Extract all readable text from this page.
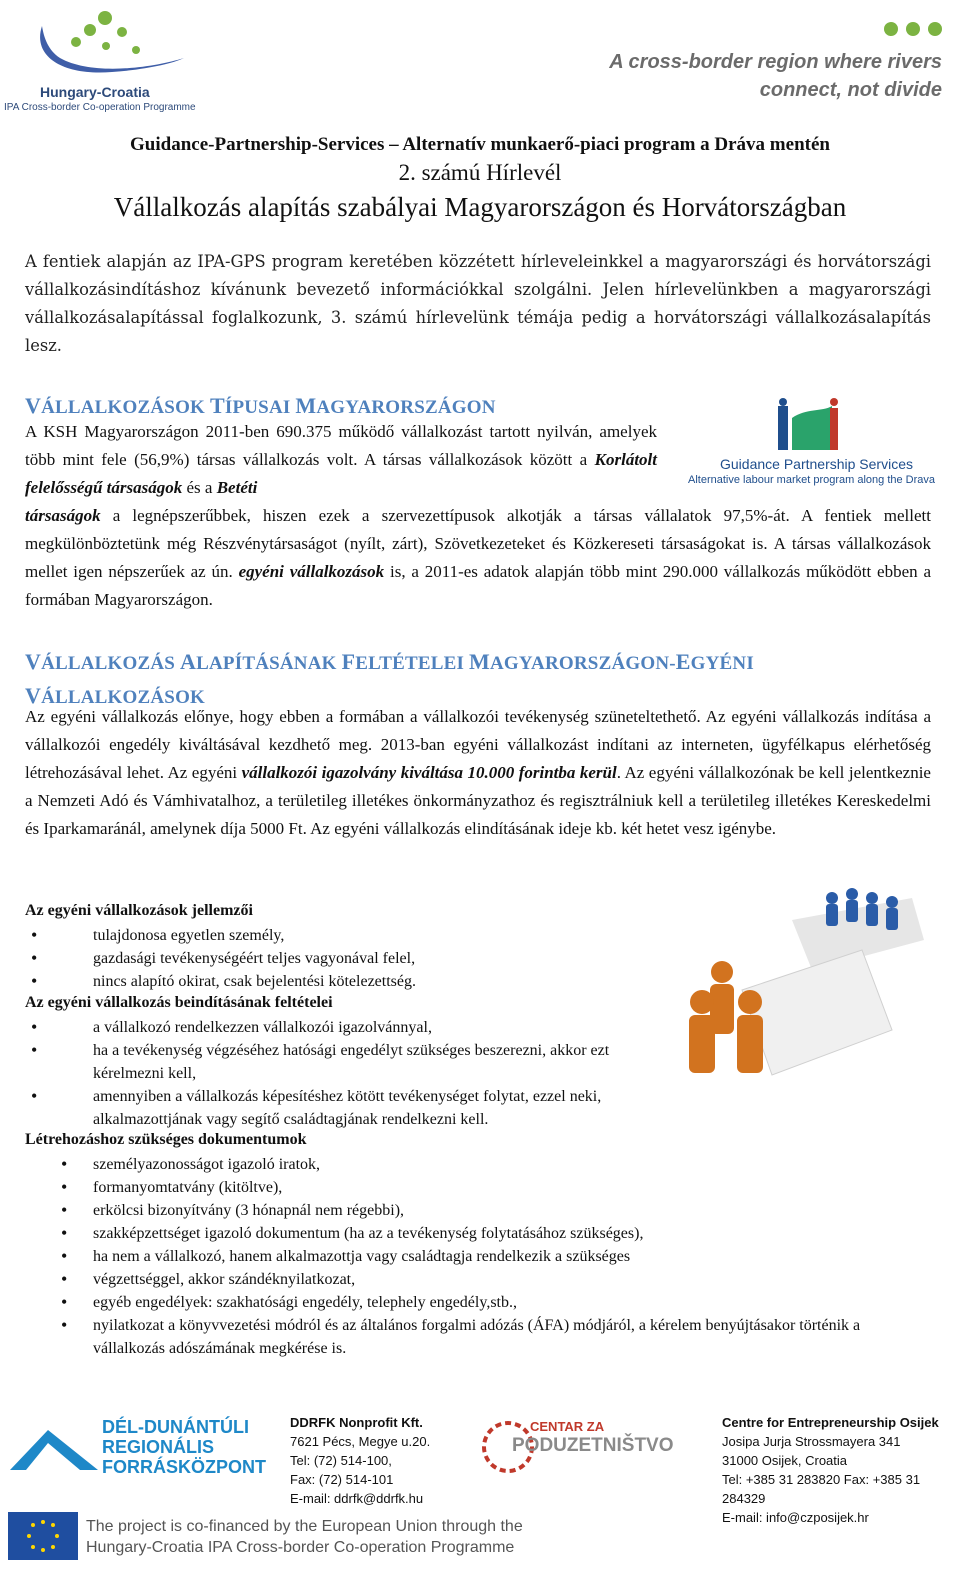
Hungary-Croatia
IPA Cross-border Co-operation Programme
A cross-border region where rivers
connect, not divide
Guidance-Partnership-Services – Alternatív munkaerő-piaci program a Dráva mentén
2. számú Hírlevél
Vállalkozás alapítás szabályai Magyarországon és Horvátországban

A fentiek alapján az IPA-GPS program keretében közzétett hírleveleinkkel a magyarországi és horvátországi vállalkozásindításhoz kívánunk bevezető információkkal szolgálni. Jelen hírlevelünkben a magyarországi vállalkozásalapítással foglalkozunk, 3. számú hírlevelünk témája pedig a horvátországi vállalkozásalapítás lesz.

VÁLLALKOZÁSOK TÍPUSAI MAGYARORSZÁGON

A KSH Magyarországon 2011-ben 690.375 működő vállalkozást tartott nyilván, amelyek több mint fele (56,9%) társas vállalkozás volt. A társas vállalkozások között a Korlátolt felelősségű társaságok és a Betéti

társaságok a legnépszerűbbek, hiszen ezek a szervezettípusok alkotják a társas vállalatok 97,5%-át. A fentiek mellett megkülönböztetünk még Részvénytársaságot (nyílt, zárt), Szövetkezeteket és Közkereseti társaságokat is. A társas vállalkozások mellet igen népszerűek az ún. egyéni vállalkozások is, a 2011-es adatok alapján több mint 290.000 vállalkozás működött ebben a formában Magyarországon.

Guidance Partnership Services
Alternative labour market program along the Drava
VÁLLALKOZÁS ALAPÍTÁSÁNAK FELTÉTELEI MAGYARORSZÁGON-EGYÉNI
VÁLLALKOZÁSOK

Az egyéni vállalkozás előnye, hogy ebben a formában a vállalkozói tevékenység szüneteltethető. Az egyéni vállalkozás indítása a vállalkozói engedély kiváltásával kezdhető meg. 2013-ban egyéni vállalkozást indítani az interneten, ügyfélkapus elérhetőség létrehozásával lehet. Az egyéni vállalkozói igazolvány kiváltása 10.000 forintba kerül. Az egyéni vállalkozónak be kell jelentkeznie a Nemzeti Adó és Vámhivatalhoz, a területileg illetékes önkormányzathoz és regisztrálniuk kell a területileg illetékes Kereskedelmi és Iparkamaránál, amelynek díja 5000 Ft. Az egyéni vállalkozás elindításának ideje kb. két hetet vesz igénybe.

Az egyéni vállalkozások jellemzői

• tulajdonosa egyetlen személy,
• gazdasági tevékenységéért teljes vagyonával felel,
• nincs alapító okirat, csak bejelentési kötelezettség.

Az egyéni vállalkozás beindításának feltételei

• a vállalkozó rendelkezzen vállalkozói igazolvánnyal,
• ha a tevékenység végzéséhez hatósági engedélyt szükséges beszerezni, akkor ezt kérelmezni kell,
• amennyiben a vállalkozás képesítéshez kötött tevékenységet folytat, ezzel neki, alkalmazottjának vagy segítő családtagjának rendelkezni kell.

Létrehozáshoz szükséges dokumentumok

• személyazonosságot igazoló iratok,
• formanyomtatvány (kitöltve),
• erkölcsi bizonyítvány (3 hónapnál nem régebbi),
• szakképzettséget igazoló dokumentum (ha az a tevékenység folytatásához szükséges),
• ha nem a vállalkozó, hanem alkalmazottja vagy családtagja rendelkezik a szükséges
• végzettséggel, akkor szándéknyilatkozat,
• egyéb engedélyek: szakhatósági engedély, telephely engedély,stb.,
• nyilatkozat a könyvvezetési módról és az általános forgalmi adózás (ÁFA) módjáról, a kérelem benyújtásakor történik a vállalkozás adószámának megkérése is.
DÉL-DUNÁNTÚLI
REGIONÁLIS
FORRÁSKÖZPONT
DDRFK Nonprofit Kft.
7621 Pécs, Megye u.20.
Tel: (72) 514-100,
Fax: (72) 514-101
E-mail: ddrfk@ddrfk.hu
CENTAR ZA
PODUZETNIŠTVO
Centre for Entrepreneurship Osijek
Josipa Jurja Strossmayera 341
31000 Osijek, Croatia
Tel: +385 31 283820 Fax: +385 31 284329
E-mail: info@czposijek.hr
The project is co-financed by the European Union through the
Hungary-Croatia IPA Cross-border Co-operation Programme
